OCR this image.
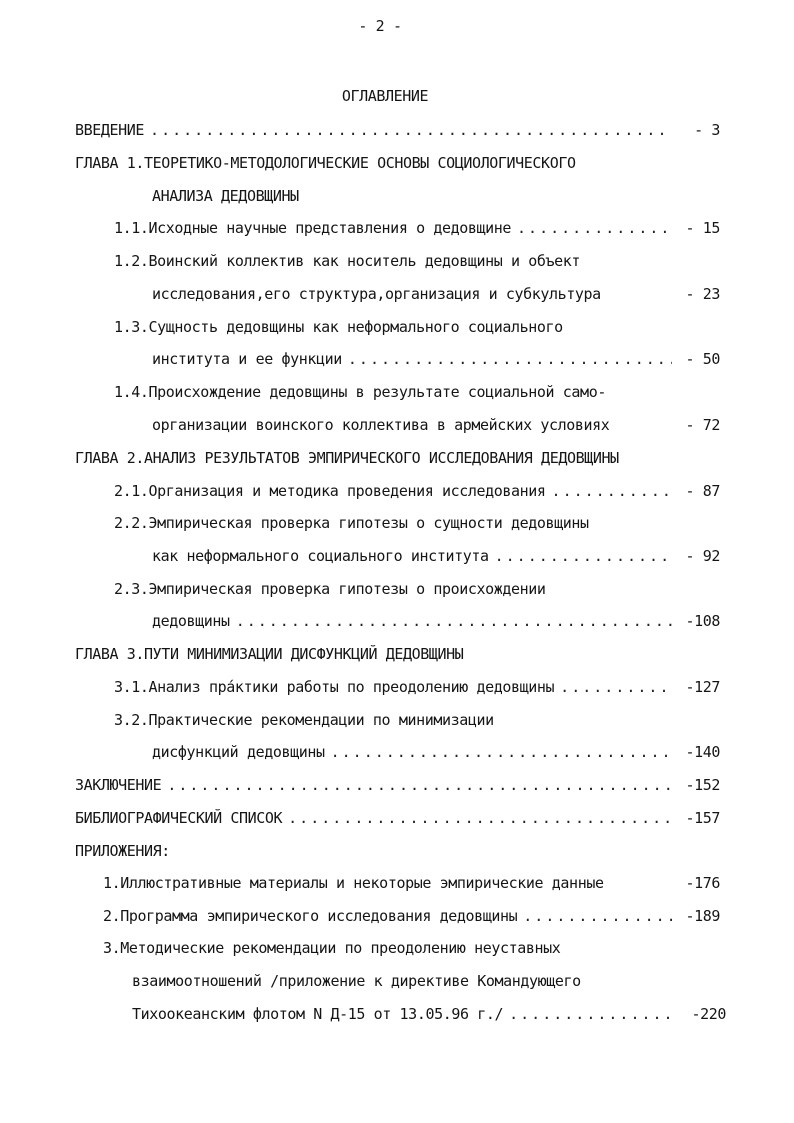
- 2 -
ОГЛАВЛЕНИЕ
ВВЕДЕНИЕ .....	- 3
ГЛАВА 1.ТЕОРЕТИКО-МЕТОДОЛОГИЧЕСКИЕ ОСНОВЫ СОЦИОЛОГИЧЕСКОГО
АНАЛИЗА ДЕДОВЩИНЫ
1.1.Исходные научные представления о дедовщине .....	- 15
1.2.Воинский коллектив как носитель дедовщины и объект
исследования,его структура,организация и субкультура	- 23
1.3.Сущность дедовщины как неформального социального
института и ее функции .....	- 50
1.4.Происхождение дедовщины в результате социальной само-
организации воинского коллектива в армейских условиях	- 72
ГЛАВА 2.АНАЛИЗ РЕЗУЛЬТАТОВ ЭМПИРИЧЕСКОГО ИССЛЕДОВАНИЯ ДЕДОВЩИНЫ
2.1.Организация и методика проведения исследования .....	- 87
2.2.Эмпирическая проверка гипотезы о сущности дедовщины
как неформального социального института .....	- 92
2.3.Эмпирическая проверка гипотезы о происхождении
дедовщины .....	-108
ГЛАВА 3.ПУТИ МИНИМИЗАЦИИ ДИСФУНКЦИЙ ДЕДОВЩИНЫ
3.1.Анализ пра́ктики работы по преодолению дедовщины .....	-127
3.2.Практические рекомендации по минимизации
дисфункций дедовщины .....	-140
ЗАКЛЮЧЕНИЕ .....	-152
БИБЛИОГРАФИЧЕСКИЙ СПИСОК .....	-157
ПРИЛОЖЕНИЯ:
1.Иллюстративные материалы и некоторые эмпирические данные	-176
2.Программа эмпирического исследования дедовщины .....	-189
3.Методические рекомендации по преодолению неуставных
взаимоотношений /приложение к директиве Командующего
Тихоокеанским флотом N Д-15 от 13.05.96 г./ .....	-220
